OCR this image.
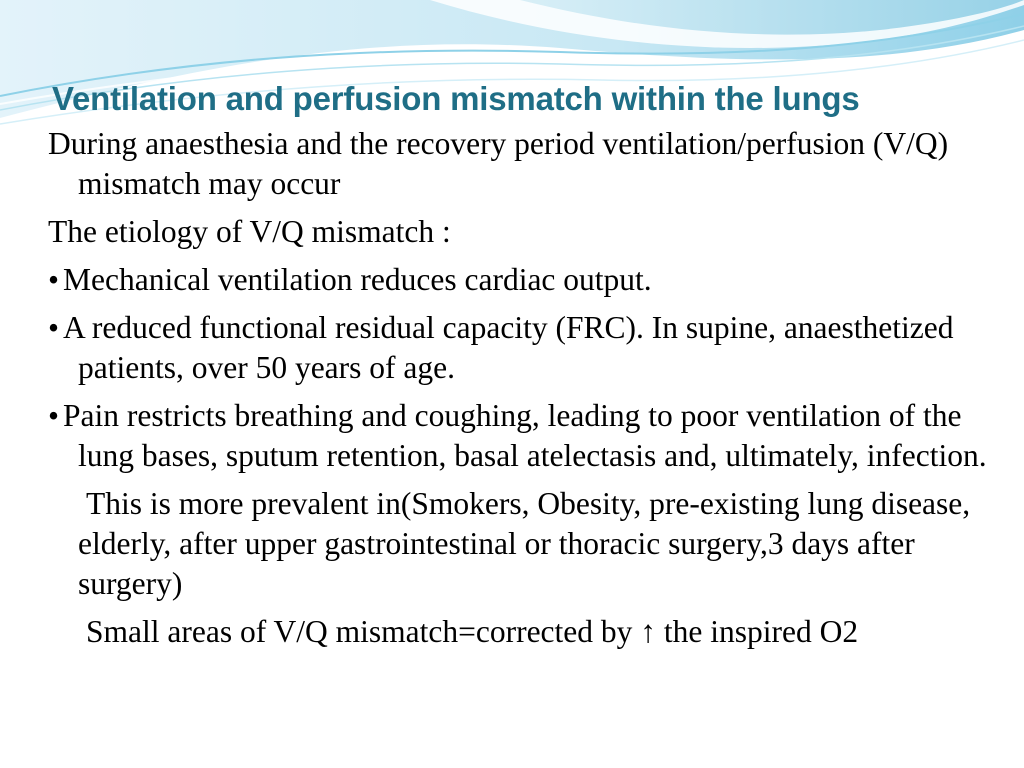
Ventilation and perfusion mismatch within the lungs

During anaesthesia and the recovery period ventilation/perfusion (V/Q) mismatch may occur

The etiology of V/Q mismatch :

• Mechanical ventilation reduces cardiac output.

• A reduced functional residual capacity (FRC). In supine, anaesthetized patients, over 50 years of age.

• Pain restricts breathing and coughing, leading to poor ventilation of the lung bases, sputum retention, basal atelectasis and, ultimately, infection.

This is more prevalent in(Smokers, Obesity, pre-existing lung disease, elderly, after upper gastrointestinal or thoracic surgery,3 days after surgery)

Small areas of V/Q mismatch=corrected by ↑ the inspired O2
